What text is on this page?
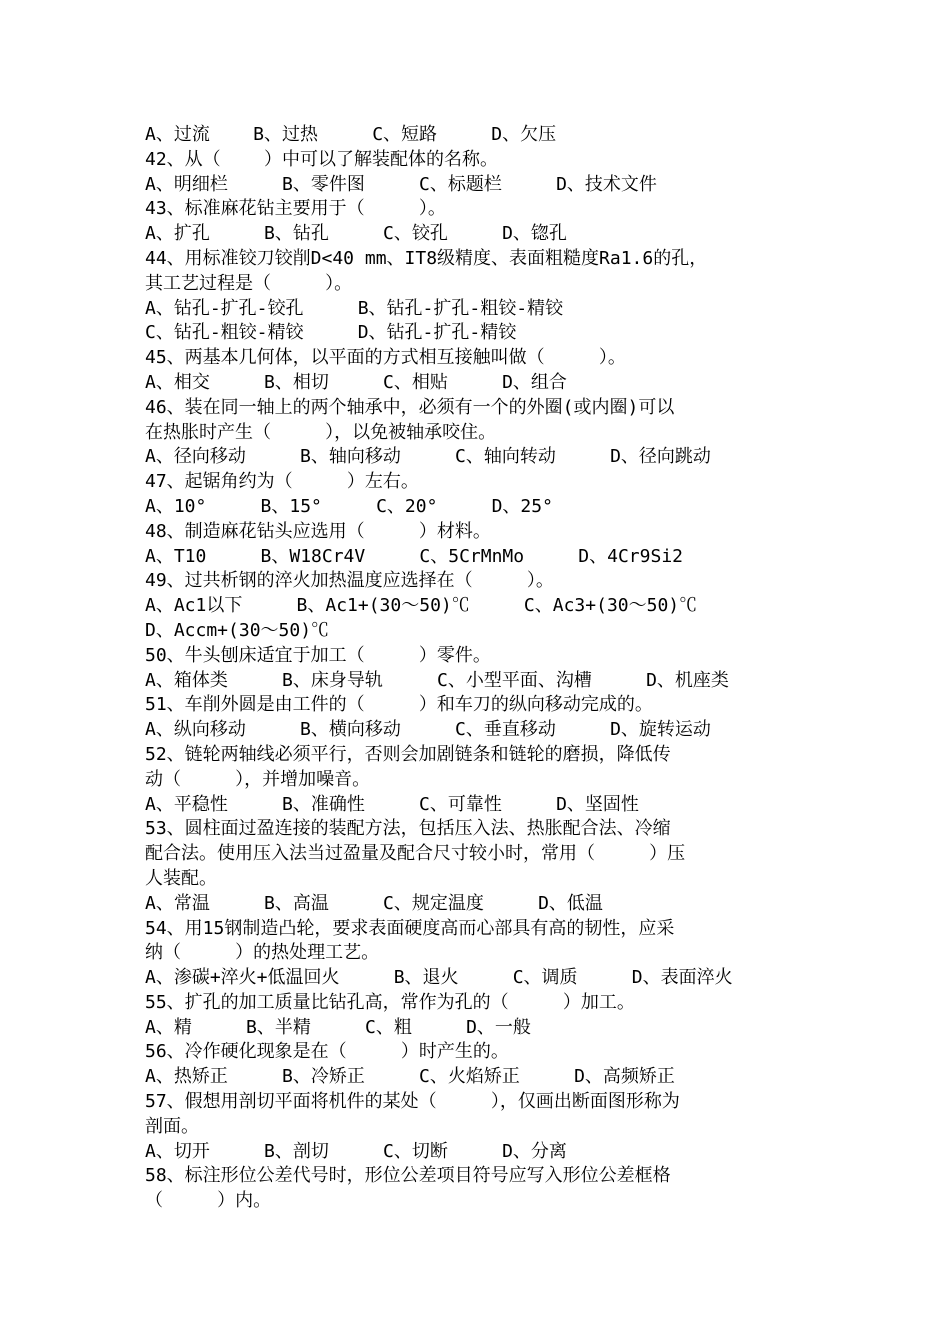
A、过流    B、过热     C、短路     D、欠压
42、从（    ）中可以了解装配体的名称。
A、明细栏     B、零件图     C、标题栏     D、技术文件
43、标准麻花钻主要用于（     ）。
A、扩孔     B、钻孔     C、铰孔     D、锪孔
44、用标准铰刀铰削D<40 mm、IT8级精度、表面粗糙度Ra1.6的孔，
其工艺过程是（     ）。
A、钻孔-扩孔-铰孔     B、钻孔-扩孔-粗铰-精铰
C、钻孔-粗铰-精铰     D、钻孔-扩孔-精铰
45、两基本几何体，以平面的方式相互接触叫做（     ）。
A、相交     B、相切     C、相贴     D、组合
46、装在同一轴上的两个轴承中，必须有一个的外圈(或内圈)可以
在热胀时产生（     ），以免被轴承咬住。
A、径向移动     B、轴向移动     C、轴向转动     D、径向跳动
47、起锯角约为（     ）左右。
A、10°     B、15°     C、20°     D、25°
48、制造麻花钻头应选用（     ）材料。
A、T10     B、W18Cr4V     C、5CrMnMo     D、4Cr9Si2
49、过共析钢的淬火加热温度应选择在（     ）。
A、Ac1以下     B、Ac1+(30～50)℃     C、Ac3+(30～50)℃
D、Accm+(30～50)℃
50、牛头刨床适宜于加工（     ）零件。
A、箱体类     B、床身导轨     C、小型平面、沟槽     D、机座类
51、车削外圆是由工件的（     ）和车刀的纵向移动完成的。
A、纵向移动     B、横向移动     C、垂直移动     D、旋转运动
52、链轮两轴线必须平行，否则会加剧链条和链轮的磨损，降低传
动（     ），并增加噪音。
A、平稳性     B、准确性     C、可靠性     D、坚固性
53、圆柱面过盈连接的装配方法，包括压入法、热胀配合法、冷缩
配合法。使用压入法当过盈量及配合尺寸较小时，常用（     ）压
人装配。
A、常温     B、高温     C、规定温度     D、低温
54、用15钢制造凸轮，要求表面硬度高而心部具有高的韧性，应采
纳（     ）的热处理工艺。
A、渗碳+淬火+低温回火     B、退火     C、调质     D、表面淬火
55、扩孔的加工质量比钻孔高，常作为孔的（     ）加工。
A、精     B、半精     C、粗     D、一般
56、冷作硬化现象是在（     ）时产生的。
A、热矫正     B、冷矫正     C、火焰矫正     D、高频矫正
57、假想用剖切平面将机件的某处（     ），仅画出断面图形称为
剖面。
A、切开     B、剖切     C、切断     D、分离
58、标注形位公差代号时，形位公差项目符号应写入形位公差框格
（     ）内。
